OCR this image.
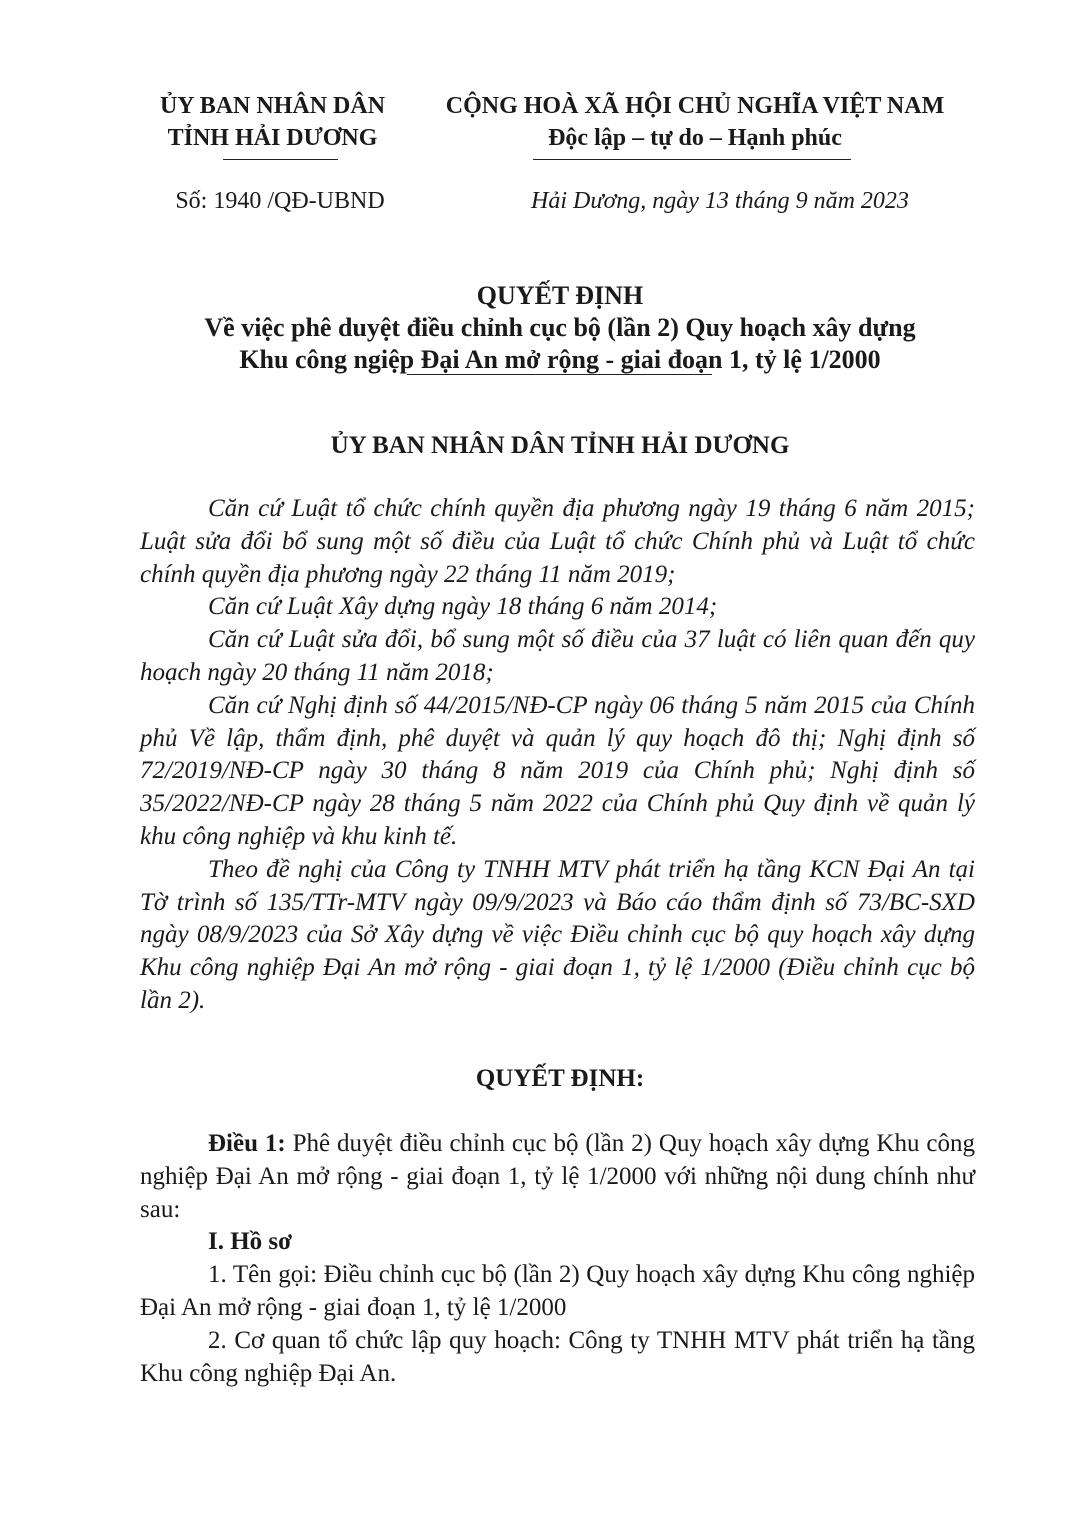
ỦY BAN NHÂN DÂN
TỈNH HẢI DƯƠNG
CỘNG HOÀ XÃ HỘI CHỦ NGHĨA VIỆT NAM
Độc lập – tự do – Hạnh phúc
Số: 1940 /QĐ-UBND	Hải Dương, ngày 13 tháng 9 năm 2023
QUYẾT ĐỊNH
Về việc phê duyệt điều chỉnh cục bộ (lần 2) Quy hoạch xây dựng
Khu công ngiệp Đại An mở rộng - giai đoạn 1, tỷ lệ 1/2000
ỦY BAN NHÂN DÂN TỈNH HẢI DƯƠNG

Căn cứ Luật tổ chức chính quyền địa phương ngày 19 tháng 6 năm 2015; Luật sửa đổi bổ sung một số điều của Luật tổ chức Chính phủ và Luật tổ chức chính quyền địa phương ngày 22 tháng 11 năm 2019;

Căn cứ Luật Xây dựng ngày 18 tháng 6 năm 2014;

Căn cứ Luật sửa đổi, bổ sung một số điều của 37 luật có liên quan đến quy hoạch ngày 20 tháng 11 năm 2018;

Căn cứ Nghị định số 44/2015/NĐ-CP ngày 06 tháng 5 năm 2015 của Chính phủ Về lập, thẩm định, phê duyệt và quản lý quy hoạch đô thị; Nghị định số 72/2019/NĐ-CP ngày 30 tháng 8 năm 2019 của Chính phủ; Nghị định số 35/2022/NĐ-CP ngày 28 tháng 5 năm 2022 của Chính phủ Quy định về quản lý khu công nghiệp và khu kinh tế.

Theo đề nghị của Công ty TNHH MTV phát triển hạ tầng KCN Đại An tại Tờ trình số 135/TTr-MTV ngày 09/9/2023 và Báo cáo thẩm định số 73/BC-SXD ngày 08/9/2023 của Sở Xây dựng về việc Điều chỉnh cục bộ quy hoạch xây dựng Khu công nghiệp Đại An mở rộng - giai đoạn 1, tỷ lệ 1/2000 (Điều chỉnh cục bộ lần 2).

QUYẾT ĐỊNH:

Điều 1: Phê duyệt điều chỉnh cục bộ (lần 2) Quy hoạch xây dựng Khu công nghiệp Đại An mở rộng - giai đoạn 1, tỷ lệ 1/2000 với những nội dung chính như sau:

I. Hồ sơ

1. Tên gọi: Điều chỉnh cục bộ (lần 2) Quy hoạch xây dựng Khu công nghiệp Đại An mở rộng - giai đoạn 1, tỷ lệ 1/2000

2. Cơ quan tổ chức lập quy hoạch: Công ty TNHH MTV phát triển hạ tầng Khu công nghiệp Đại An.
